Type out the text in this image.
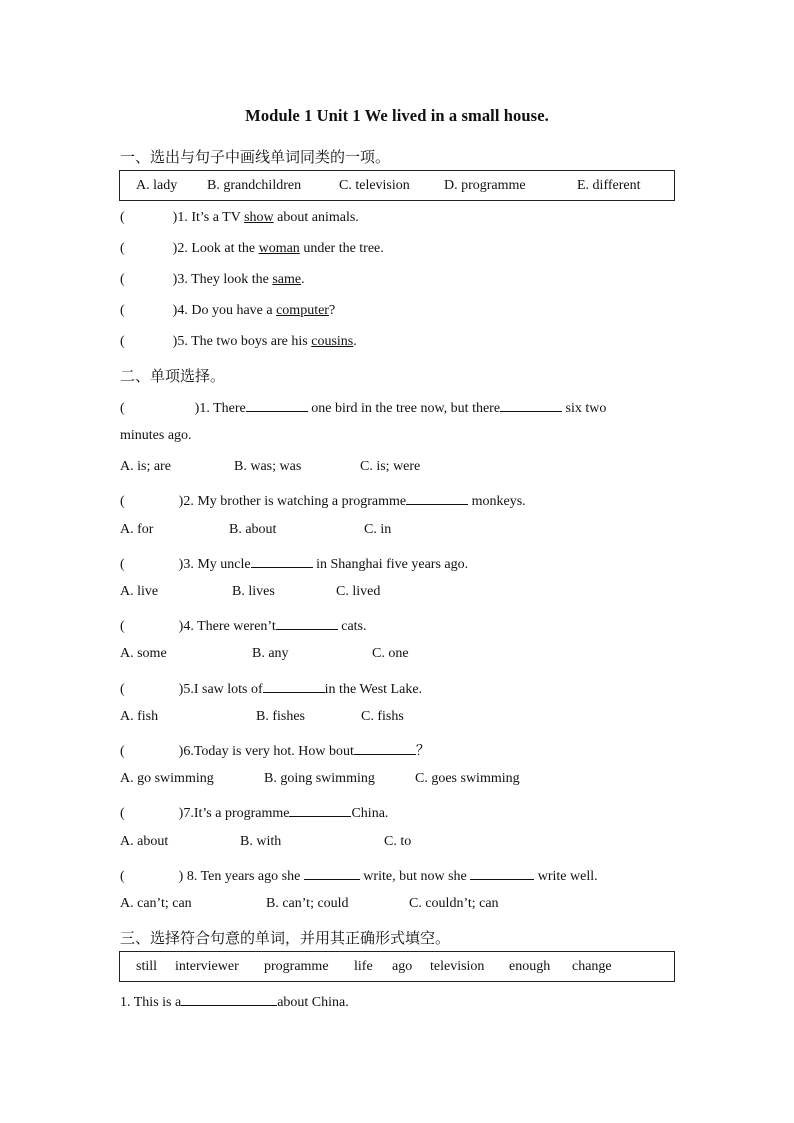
Module 1 Unit 1 We lived in a small house.
一、选出与句子中画线单词同类的一项。
A. lady B. grandchildren	C. television D. programme	E. different
(	)1. It’s a TV show about animals.
(	)2. Look at the woman under the tree.
(	)3. They look the same.
(	)4. Do you have a computer?
(	)5. The two boys are his cousins.
二、单项选择。
(	)1. There	one bird in the tree now, but there	six two
minutes ago.
A. is; are	B. was; was	C. is; were
(	)2. My brother is watching a programme	monkeys.
A. for	B. about	C. in
(	)3. My uncle	in Shanghai five years ago.
A. live	B. lives	C. lived
(	)4. There weren’t	cats.
A. some	B. any	C. one
(	)5.I saw lots of	in the West Lake.
A. fish	B. fishes	C. fishs
(	)6.Today is very hot. How bout	？
A. go swimming	B. going swimming	C. goes swimming
(	)7.It’s a programme	China.
A. about	B. with	C. to
(	) 8. Ten years ago she	write, but now she	write well.
A. can’t; can	B. can’t; could	C. couldn’t; can
三、选择符合句意的单词，并用其正确形式填空。
still interviewer programme life ago television enough change
1. This is a	about China.
